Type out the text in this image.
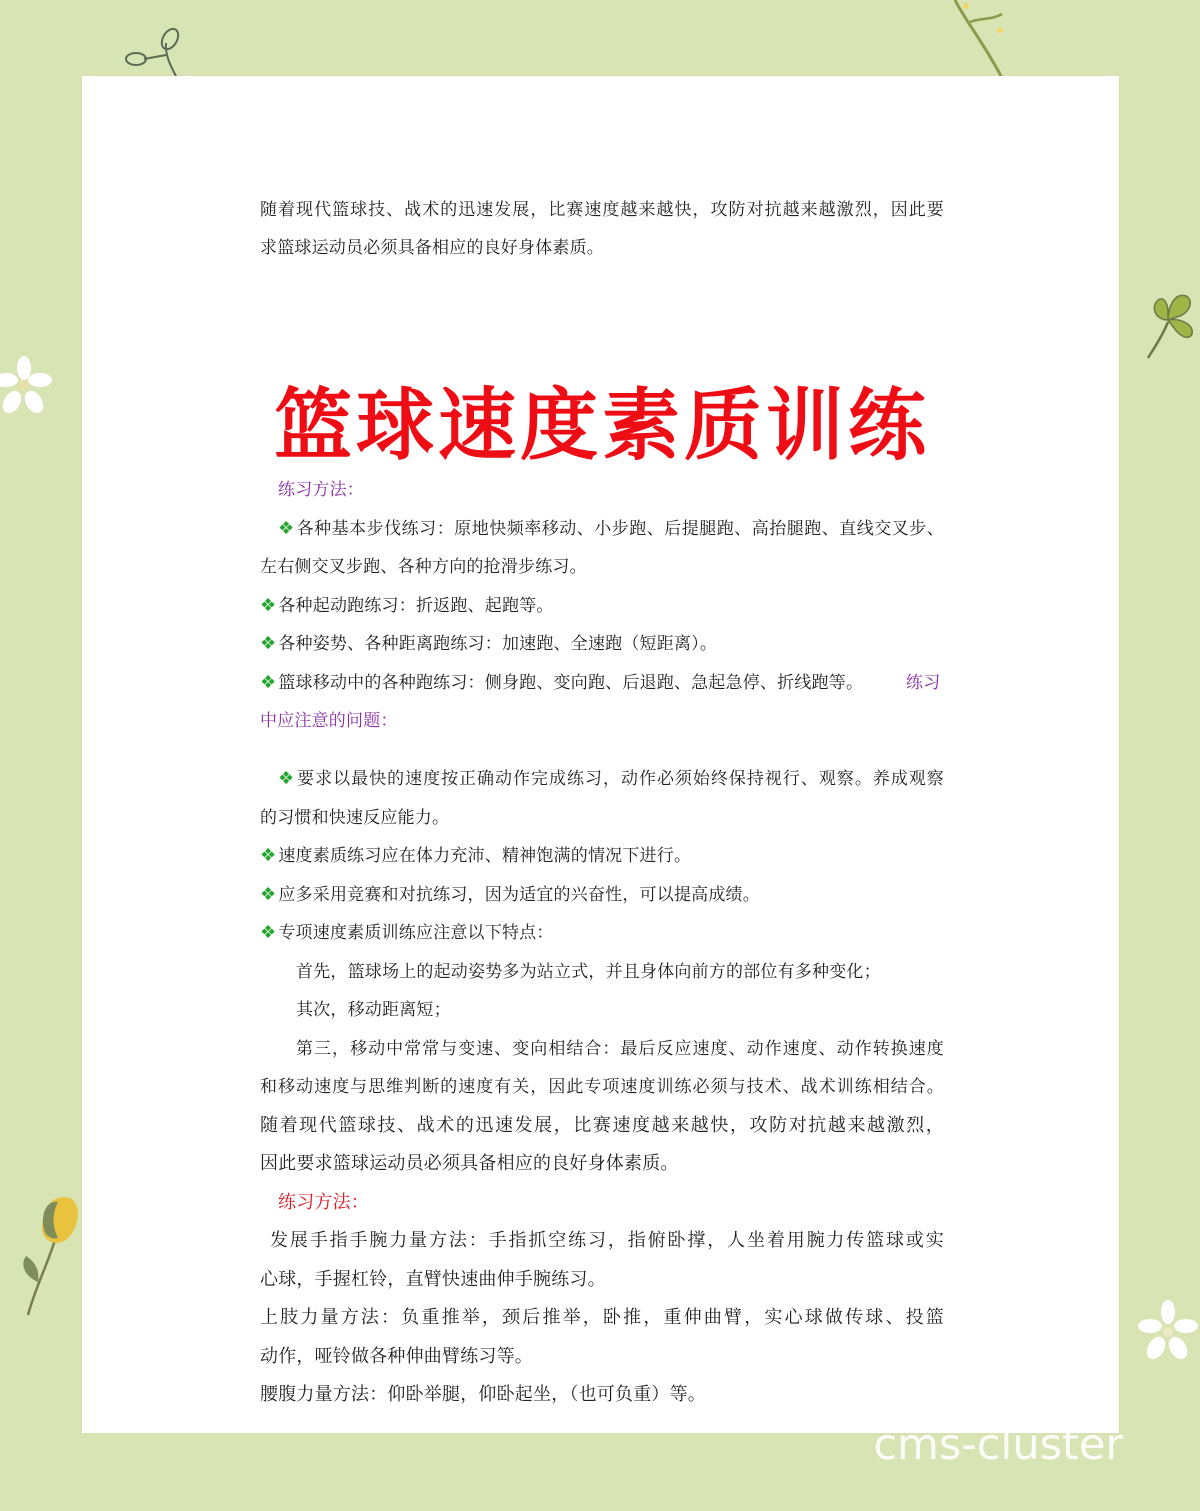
随着现代篮球技、战术的迅速发展，比赛速度越来越快，攻防对抗越来越激烈，因此要
求篮球运动员必须具备相应的良好身体素质。
篮球速度素质训练
练习方法：
❖ 各种基本步伐练习：原地快频率移动、小步跑、后提腿跑、高抬腿跑、直线交叉步、
左右侧交叉步跑、各种方向的抢滑步练习。
❖ 各种起动跑练习：折返跑、起跑等。
❖ 各种姿势、各种距离跑练习：加速跑、全速跑（短距离）。
❖ 篮球移动中的各种跑练习：侧身跑、变向跑、后退跑、急起急停、折线跑等。	练习
中应注意的问题：
❖ 要求以最快的速度按正确动作完成练习，动作必须始终保持视行、观察。养成观察
的习惯和快速反应能力。
❖ 速度素质练习应在体力充沛、精神饱满的情况下进行。
❖ 应多采用竞赛和对抗练习，因为适宜的兴奋性，可以提高成绩。
❖ 专项速度素质训练应注意以下特点：
首先，篮球场上的起动姿势多为站立式，并且身体向前方的部位有多种变化；
其次，移动距离短；
第三，移动中常常与变速、变向相结合：最后反应速度、动作速度、动作转换速度
和移动速度与思维判断的速度有关，因此专项速度训练必须与技术、战术训练相结合。
随着现代篮球技、战术的迅速发展，比赛速度越来越快，攻防对抗越来越激烈，
因此要求篮球运动员必须具备相应的良好身体素质。
练习方法：
发展手指手腕力量方法：手指抓空练习，指俯卧撑，人坐着用腕力传篮球或实
心球，手握杠铃，直臂快速曲伸手腕练习。
上肢力量方法：负重推举，颈后推举，卧推，重伸曲臂，实心球做传球、投篮
动作，哑铃做各种伸曲臂练习等。
腰腹力量方法：仰卧举腿，仰卧起坐，（也可负重）等。
cms-cluster
